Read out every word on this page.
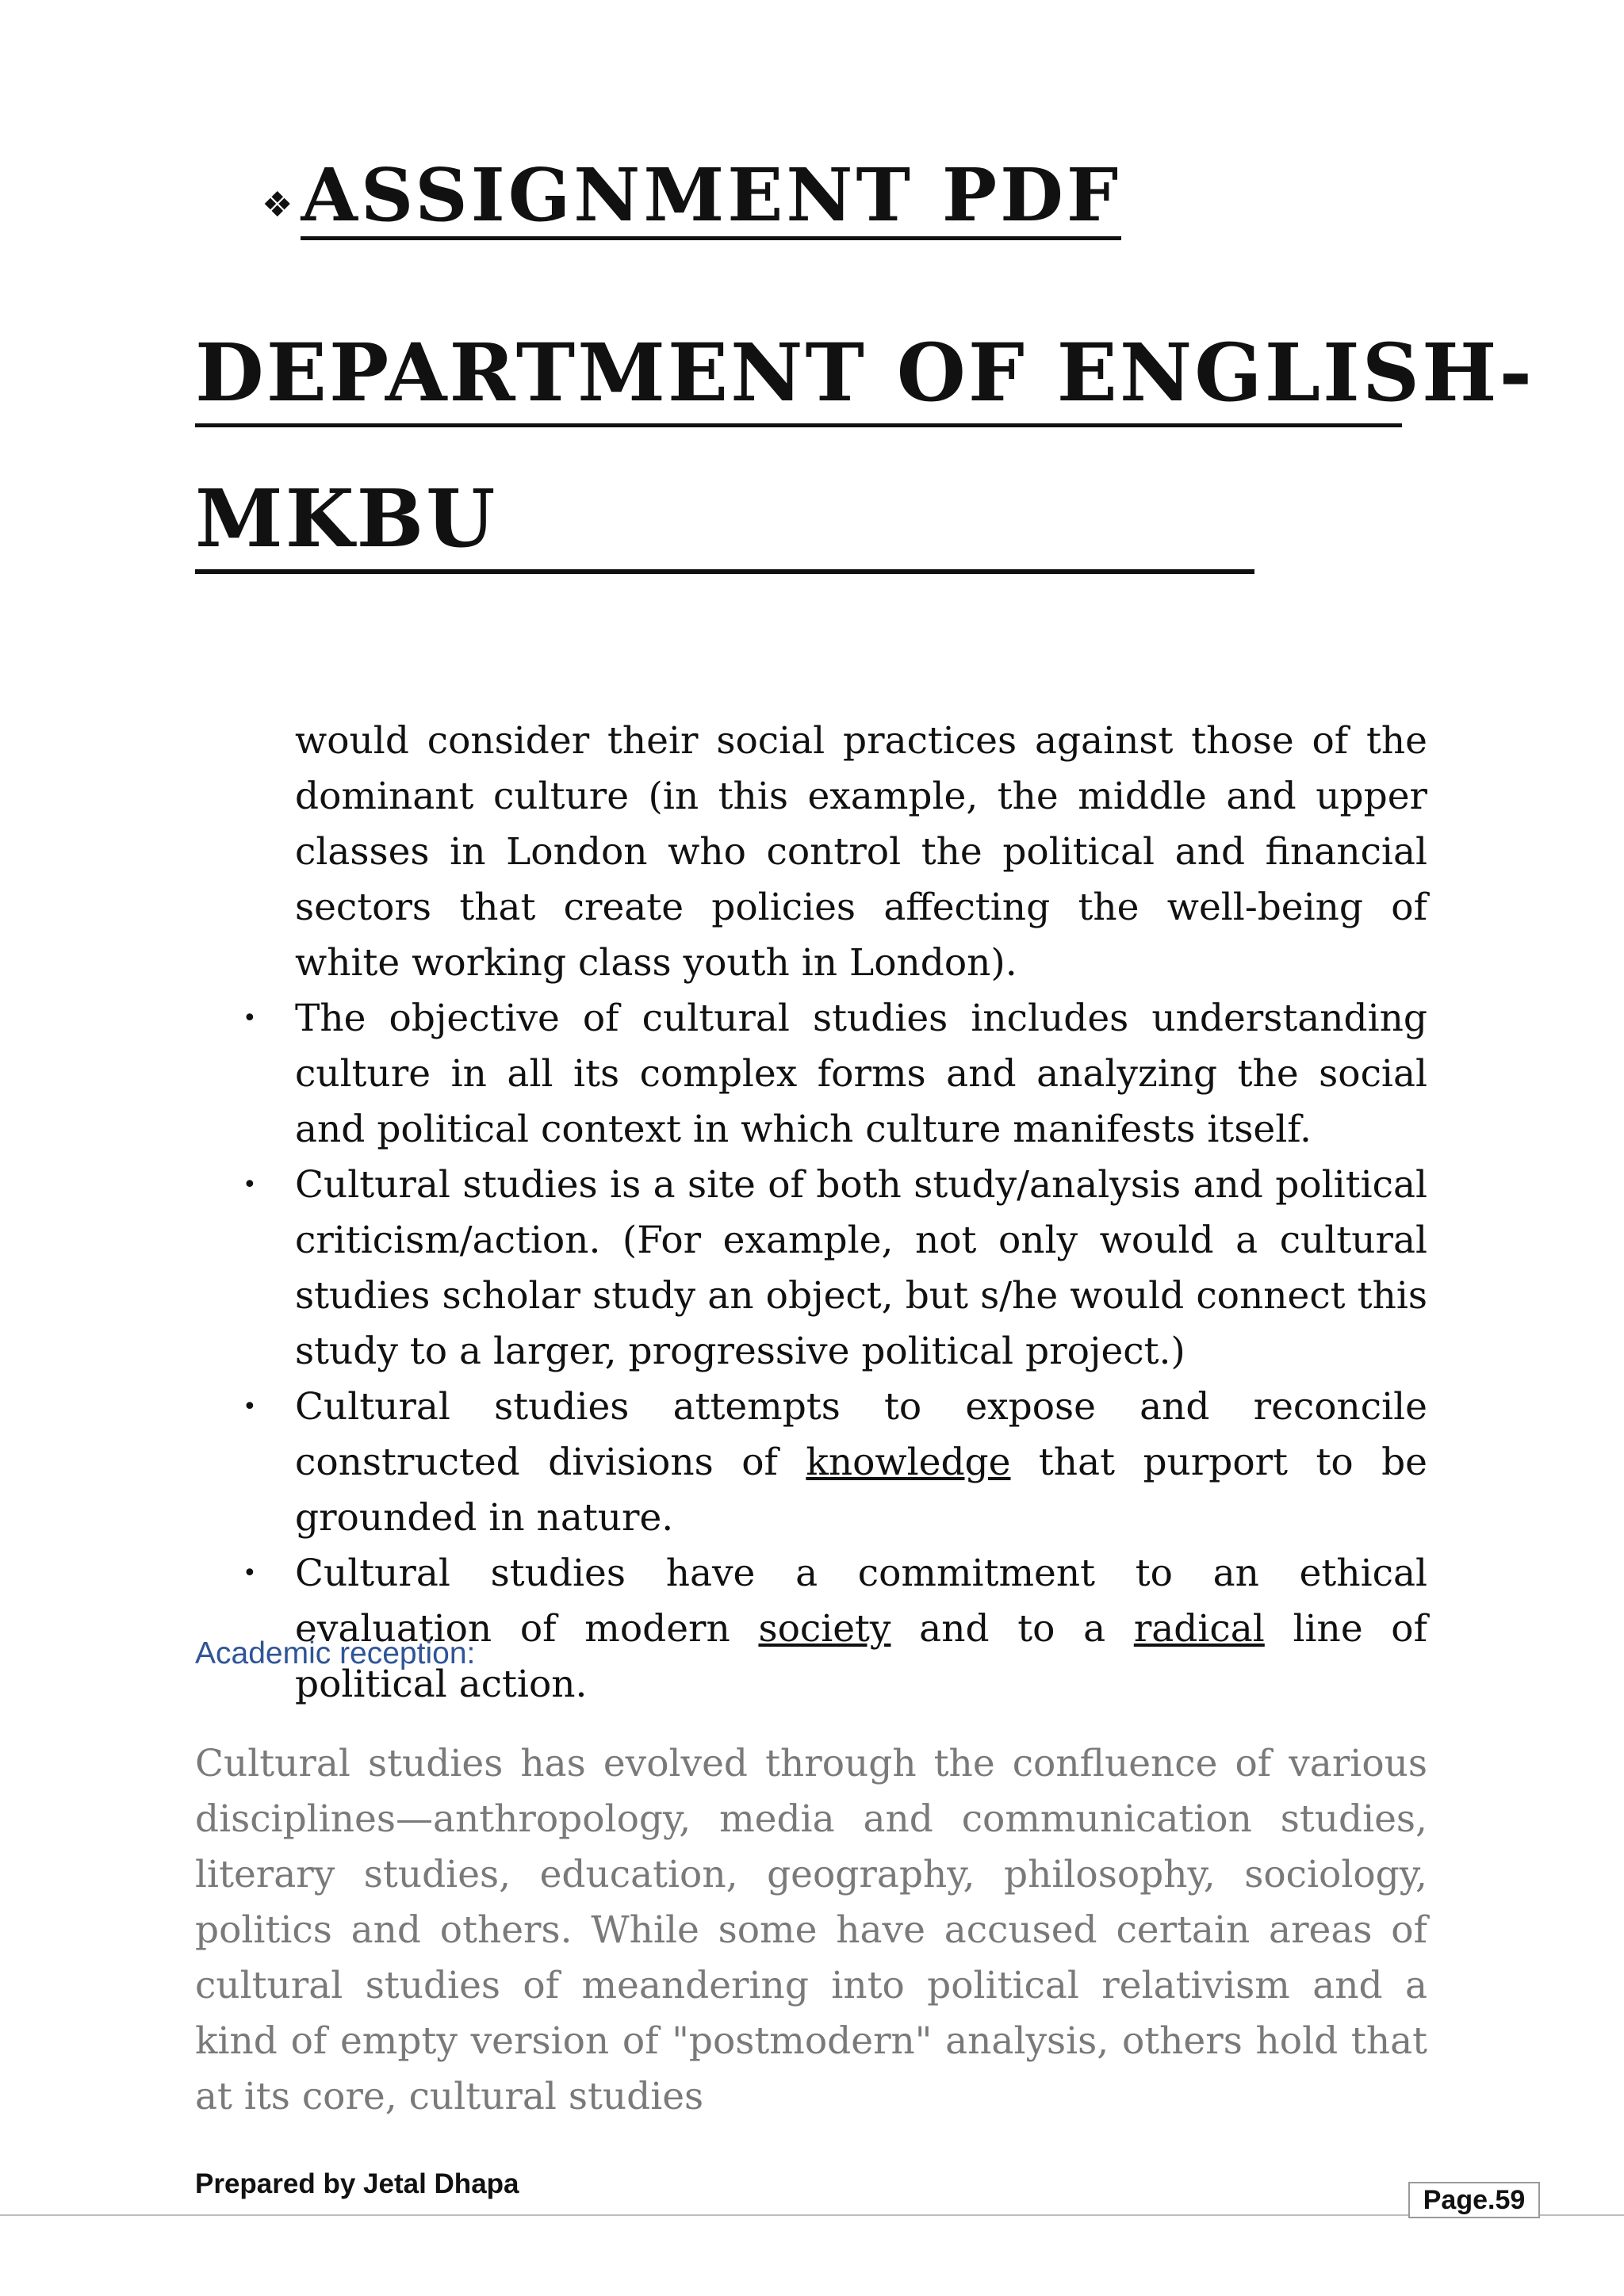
❖ ASSIGNMENT PDF
DEPARTMENT OF ENGLISH-
MKBU

would consider their social practices against those of the dominant culture (in this example, the middle and upper classes in London who control the political and financial sectors that create policies affecting the well-being of white working class youth in London).

• The objective of cultural studies includes understanding culture in all its complex forms and analyzing the social and political context in which culture manifests itself.
• Cultural studies is a site of both study/analysis and political criticism/action. (For example, not only would a cultural studies scholar study an object, but s/he would connect this study to a larger, progressive political project.)
• Cultural studies attempts to expose and reconcile constructed divisions of knowledge that purport to be grounded in nature.
• Cultural studies have a commitment to an ethical evaluation of modern society and to a radical line of political action.
Academic reception:

Cultural studies has evolved through the confluence of various disciplines—anthropology, media and communication studies, literary studies, education, geography, philosophy, sociology, politics and others. While some have accused certain areas of cultural studies of meandering into political relativism and a kind of empty version of "postmodern" analysis, others hold that at its core, cultural studies

Prepared by Jetal Dhapa
Page.59
